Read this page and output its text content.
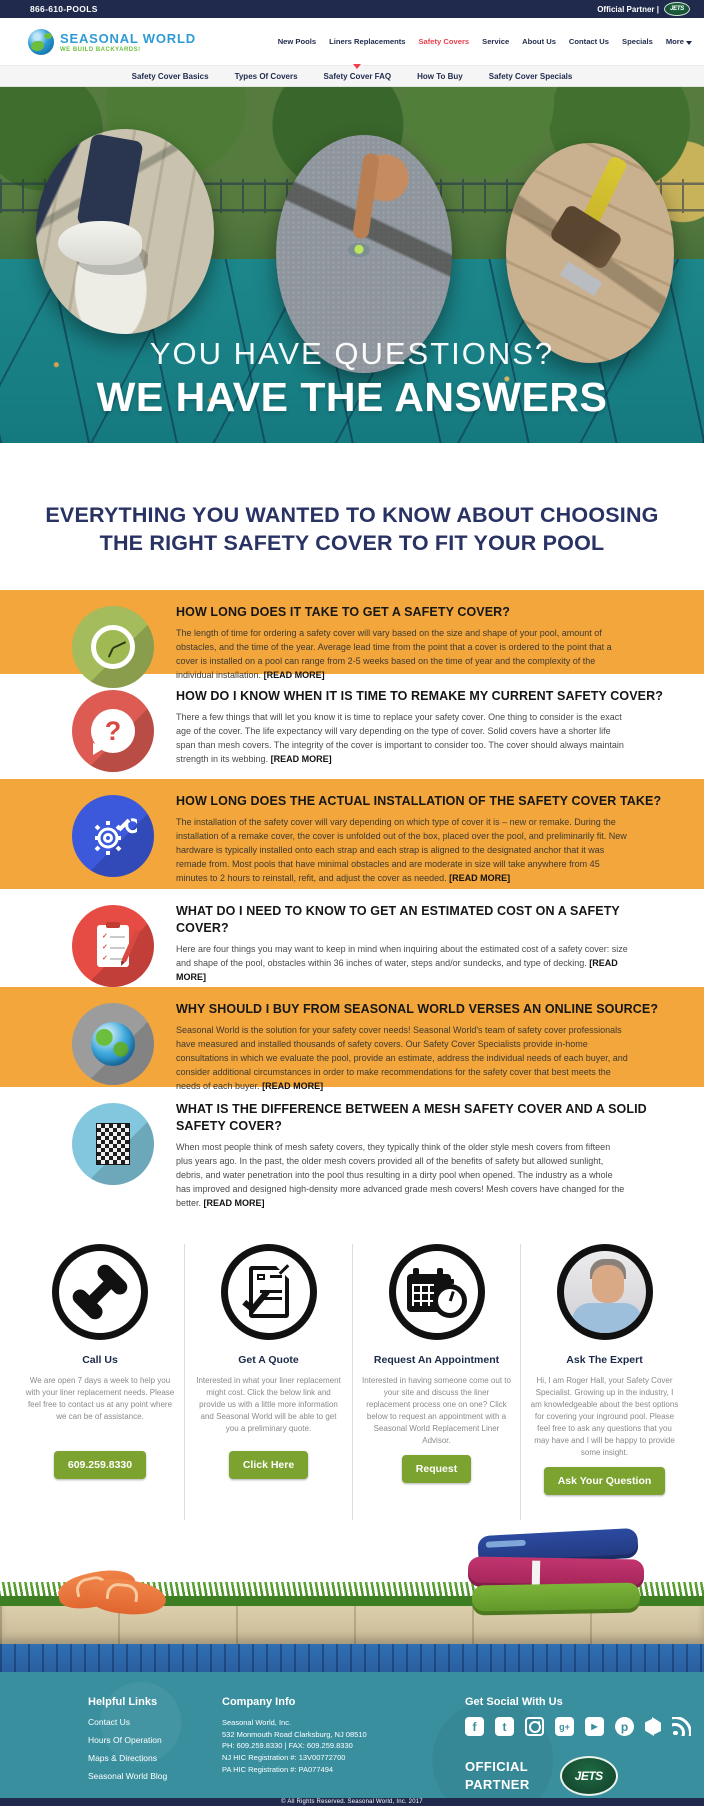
866-610-POOLS	Official Partner |	JETS
SEASONAL WORLD
WE BUILD BACKYARDS!
New Pools Liners Replacements Safety Covers Service About Us Contact Us Specials More
Safety Cover Basics	Types Of Covers	Safety Cover FAQ	How To Buy	Safety Cover Specials
YOU HAVE QUESTIONS?
WE HAVE THE ANSWERS
EVERYTHING YOU WANTED TO KNOW ABOUT CHOOSING THE RIGHT SAFETY COVER TO FIT YOUR POOL
HOW LONG DOES IT TAKE TO GET A SAFETY COVER?
The length of time for ordering a safety cover will vary based on the size and shape of your pool, amount of obstacles, and the time of the year. Average lead time from the point that a cover is ordered to the point that a cover is installed on a pool can range from 2-5 weeks based on the time of year and the complexity of the individual installation. [READ MORE]
?
HOW DO I KNOW WHEN IT IS TIME TO REMAKE MY CURRENT SAFETY COVER?
There a few things that will let you know it is time to replace your safety cover. One thing to consider is the exact age of the cover. The life expectancy will vary depending on the type of cover. Solid covers have a shorter life span than mesh covers. The integrity of the cover is important to consider too. The cover should always maintain strength in its webbing. [READ MORE]
HOW LONG DOES THE ACTUAL INSTALLATION OF THE SAFETY COVER TAKE?
The installation of the safety cover will vary depending on which type of cover it is – new or remake. During the installation of a remake cover, the cover is unfolded out of the box, placed over the pool, and preliminarily fit. New hardware is typically installed onto each strap and each strap is aligned to the designated anchor that it was remade from. Most pools that have minimal obstacles and are moderate in size will take anywhere from 45 minutes to 2 hours to reinstall, refit, and adjust the cover as needed. [READ MORE]
✓
✓
✓
WHAT DO I NEED TO KNOW TO GET AN ESTIMATED COST ON A SAFETY COVER?
Here are four things you may want to keep in mind when inquiring about the estimated cost of a safety cover: size and shape of the pool, obstacles within 36 inches of water, steps and/or sundecks, and type of decking. [READ MORE]
WHY SHOULD I BUY FROM SEASONAL WORLD VERSES AN ONLINE SOURCE?
Seasonal World is the solution for your safety cover needs! Seasonal World's team of safety cover professionals have measured and installed thousands of safety covers. Our Safety Cover Specialists provide in-home consultations in which we evaluate the pool, provide an estimate, address the individual needs of each buyer, and consider additional circumstances in order to make recommendations for the safety cover that best meets the needs of each buyer. [READ MORE]
WHAT IS THE DIFFERENCE BETWEEN A MESH SAFETY COVER AND A SOLID SAFETY COVER?
When most people think of mesh safety covers, they typically think of the older style mesh covers from fifteen plus years ago. In the past, the older mesh covers provided all of the benefits of safety but allowed sunlight, debris, and water penetration into the pool thus resulting in a dirty pool when opened. The industry as a whole has improved and designed high-density more advanced grade mesh covers! Mesh covers have changed for the better. [READ MORE]
Call Us
We are open 7 days a week to help you with your liner replacement needs. Please feel free to contact us at any point where we can be of assistance.
609.259.8330
Get A Quote
Interested in what your liner replacement might cost. Click the below link and provide us with a little more information and Seasonal World will be able to get you a preliminary quote.
Click Here
Request An Appointment
Interested in having someone come out to your site and discuss the liner replacement process one on one? Click below to request an appointment with a Seasonal World Replacement Liner Advisor.
Request
Ask The Expert
Hi, I am Roger Hall, your Safety Cover Specialist. Growing up in the industry, I am knowledgeable about the best options for covering your inground pool. Please feel free to ask any questions that you may have and I will be happy to provide some insight.
Ask Your Question
Helpful Links
Contact Us
Hours Of Operation
Maps & Directions
Seasonal World Blog
Company Info
Seasonal World, Inc.
532 Monmouth Road Clarksburg, NJ 08510
PH: 609.259.8330 | FAX: 609.259.8330
NJ HIC Registration #: 13V00772700
PA HIC Registration #: PA077494
Get Social With Us
f	t	g+	▶	p
OFFICIAL
PARTNER
JETS
© All Rights Reserved. Seasonal World, Inc. 2017
